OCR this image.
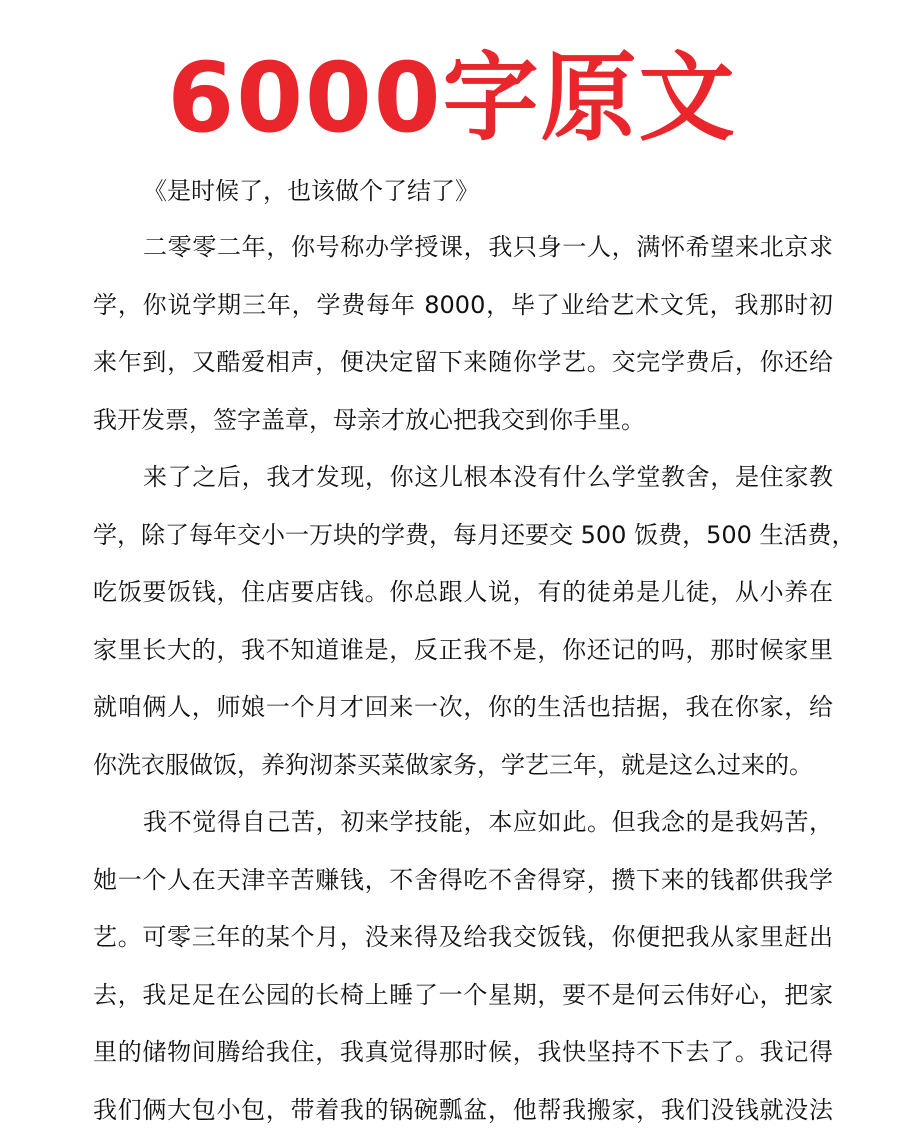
6000字原文
《是时候了，也该做个了结了》
二零零二年，你号称办学授课，我只身一人，满怀希望来北京求
学，你说学期三年，学费每年 8000，毕了业给艺术文凭，我那时初
来乍到，又酷爱相声，便决定留下来随你学艺。交完学费后，你还给
我开发票，签字盖章，母亲才放心把我交到你手里。
来了之后，我才发现，你这儿根本没有什么学堂教舍，是住家教
学，除了每年交小一万块的学费，每月还要交 500 饭费，500 生活费，
吃饭要饭钱，住店要店钱。你总跟人说，有的徒弟是儿徒，从小养在
家里长大的，我不知道谁是，反正我不是，你还记的吗，那时候家里
就咱俩人，师娘一个月才回来一次，你的生活也拮据，我在你家，给
你洗衣服做饭，养狗沏茶买菜做家务，学艺三年，就是这么过来的。
我不觉得自己苦，初来学技能，本应如此。但我念的是我妈苦，
她一个人在天津辛苦赚钱，不舍得吃不舍得穿，攒下来的钱都供我学
艺。可零三年的某个月，没来得及给我交饭钱，你便把我从家里赶出
去，我足足在公园的长椅上睡了一个星期，要不是何云伟好心，把家
里的储物间腾给我住，我真觉得那时候，我快坚持不下去了。我记得
我们俩大包小包，带着我的锅碗瓢盆，他帮我搬家，我们没钱就没法
